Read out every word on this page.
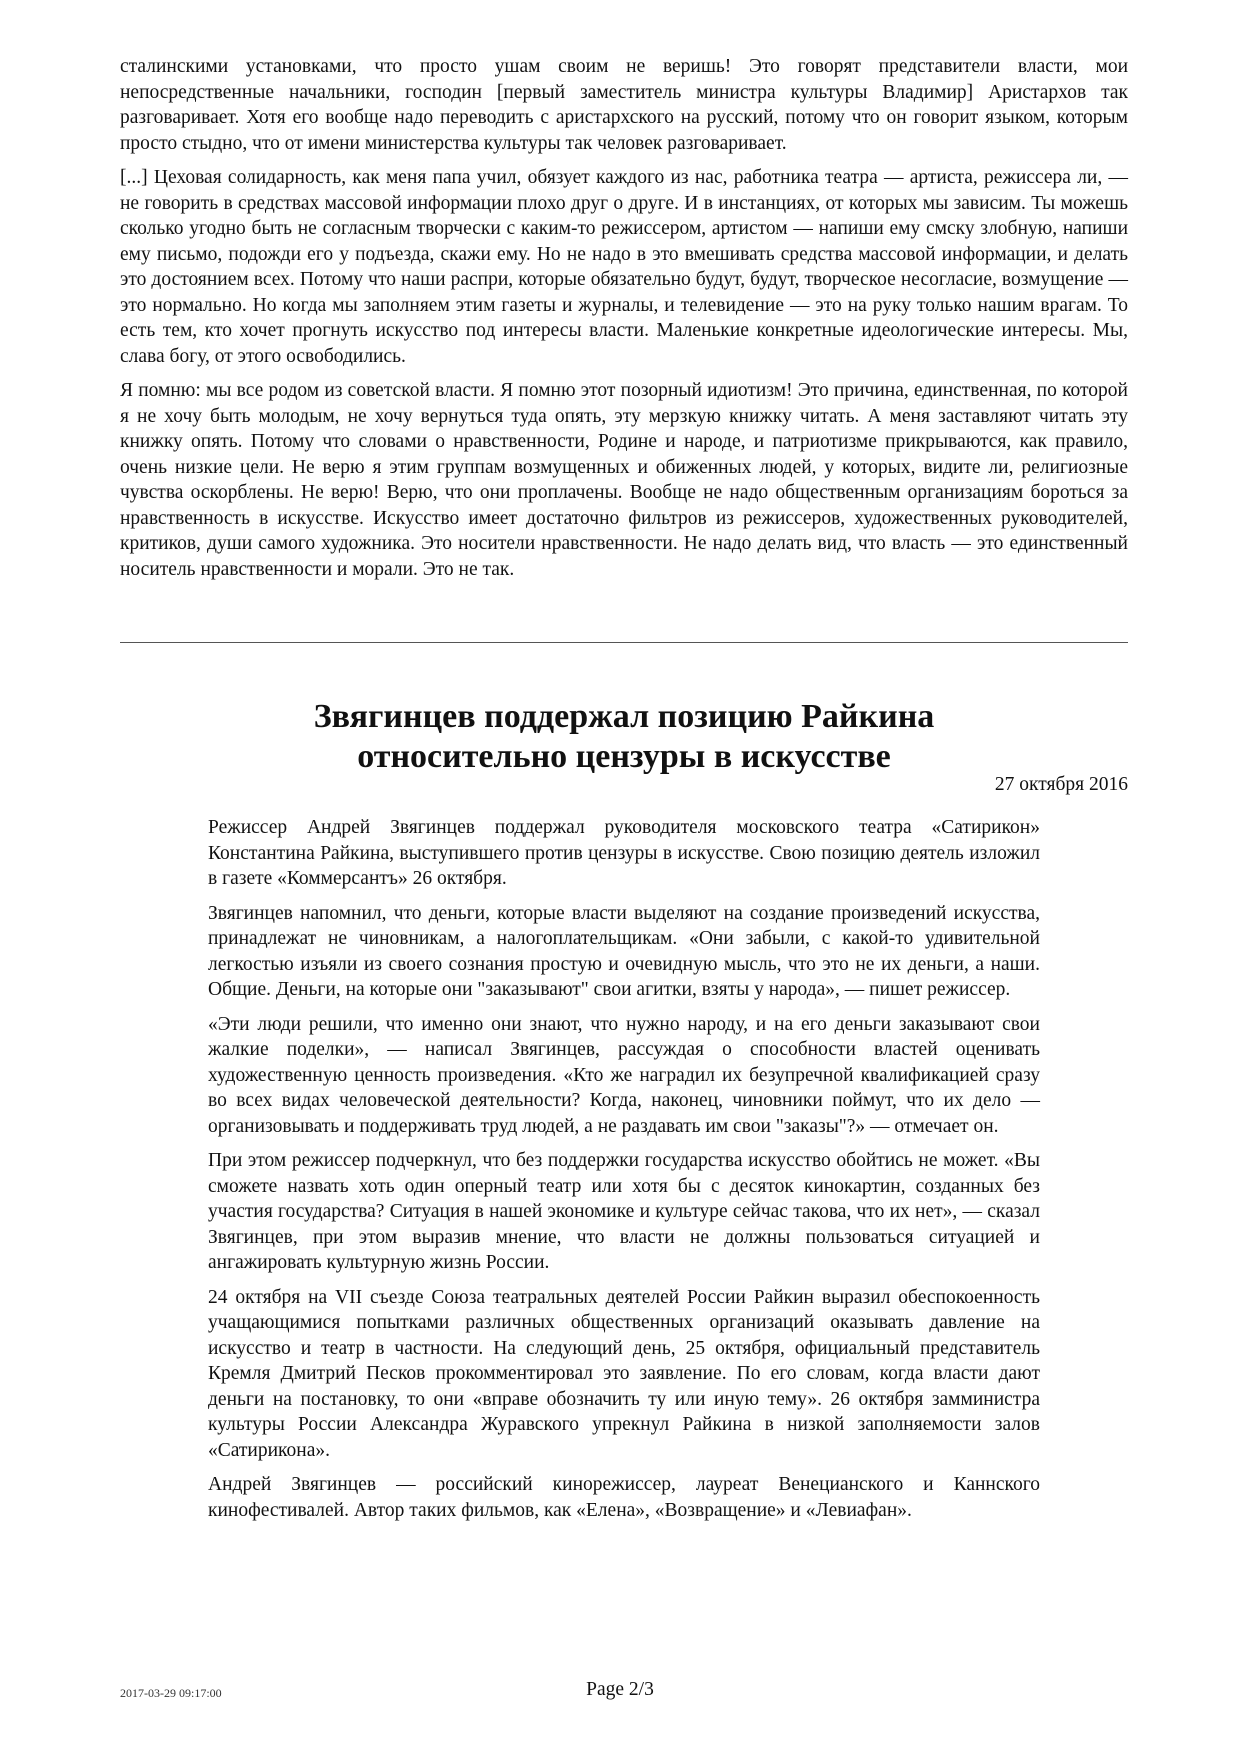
сталинскими установками, что просто ушам своим не веришь! Это говорят представители власти, мои непосредственные начальники, господин [первый заместитель министра культуры Владимир] Аристархов так разговаривает. Хотя его вообще надо переводить с аристархского на русский, потому что он говорит языком, которым просто стыдно, что от имени министерства культуры так человек разговаривает.

[...] Цеховая солидарность, как меня папа учил, обязует каждого из нас, работника театра — артиста, режиссера ли, — не говорить в средствах массовой информации плохо друг о друге. И в инстанциях, от которых мы зависим. Ты можешь сколько угодно быть не согласным творчески с каким-то режиссером, артистом — напиши ему смску злобную, напиши ему письмо, подожди его у подъезда, скажи ему. Но не надо в это вмешивать средства массовой информации, и делать это достоянием всех. Потому что наши распри, которые обязательно будут, будут, творческое несогласие, возмущение — это нормально. Но когда мы заполняем этим газеты и журналы, и телевидение — это на руку только нашим врагам. То есть тем, кто хочет прогнуть искусство под интересы власти. Маленькие конкретные идеологические интересы. Мы, слава богу, от этого освободились.

Я помню: мы все родом из советской власти. Я помню этот позорный идиотизм! Это причина, единственная, по которой я не хочу быть молодым, не хочу вернуться туда опять, эту мерзкую книжку читать. А меня заставляют читать эту книжку опять. Потому что словами о нравственности, Родине и народе, и патриотизме прикрываются, как правило, очень низкие цели. Не верю я этим группам возмущенных и обиженных людей, у которых, видите ли, религиозные чувства оскорблены. Не верю! Верю, что они проплачены. Вообще не надо общественным организациям бороться за нравственность в искусстве. Искусство имеет достаточно фильтров из режиссеров, художественных руководителей, критиков, души самого художника. Это носители нравственности. Не надо делать вид, что власть — это единственный носитель нравственности и морали. Это не так.

Звягинцев поддержал позицию Райкина
относительно цензуры в искусстве
27 октября 2016

Режиссер Андрей Звягинцев поддержал руководителя московского театра «Сатирикон» Константина Райкина, выступившего против цензуры в искусстве. Свою позицию деятель изложил в газете «Коммерсантъ» 26 октября.

Звягинцев напомнил, что деньги, которые власти выделяют на создание произведений искусства, принадлежат не чиновникам, а налогоплательщикам. «Они забыли, с какой-то удивительной легкостью изъяли из своего сознания простую и очевидную мысль, что это не их деньги, а наши. Общие. Деньги, на которые они "заказывают" свои агитки, взяты у народа», — пишет режиссер.

«Эти люди решили, что именно они знают, что нужно народу, и на его деньги заказывают свои жалкие поделки», — написал Звягинцев, рассуждая о способности властей оценивать художественную ценность произведения. «Кто же наградил их безупречной квалификацией сразу во всех видах человеческой деятельности? Когда, наконец, чиновники поймут, что их дело — организовывать и поддерживать труд людей, а не раздавать им свои "заказы"?» — отмечает он.

При этом режиссер подчеркнул, что без поддержки государства искусство обойтись не может. «Вы сможете назвать хоть один оперный театр или хотя бы с десяток кинокартин, созданных без участия государства? Ситуация в нашей экономике и культуре сейчас такова, что их нет», — сказал Звягинцев, при этом выразив мнение, что власти не должны пользоваться ситуацией и ангажировать культурную жизнь России.

24 октября на VII съезде Союза театральных деятелей России Райкин выразил обеспокоенность учащающимися попытками различных общественных организаций оказывать давление на искусство и театр в частности. На следующий день, 25 октября, официальный представитель Кремля Дмитрий Песков прокомментировал это заявление. По его словам, когда власти дают деньги на постановку, то они «вправе обозначить ту или иную тему». 26 октября замминистра культуры России Александра Журавского упрекнул Райкина в низкой заполняемости залов «Сатирикона».

Андрей Звягинцев — российский кинорежиссер, лауреат Венецианского и Каннского кинофестивалей. Автор таких фильмов, как «Елена», «Возвращение» и «Левиафан».

2017-03-29 09:17:00	Page 2/3
